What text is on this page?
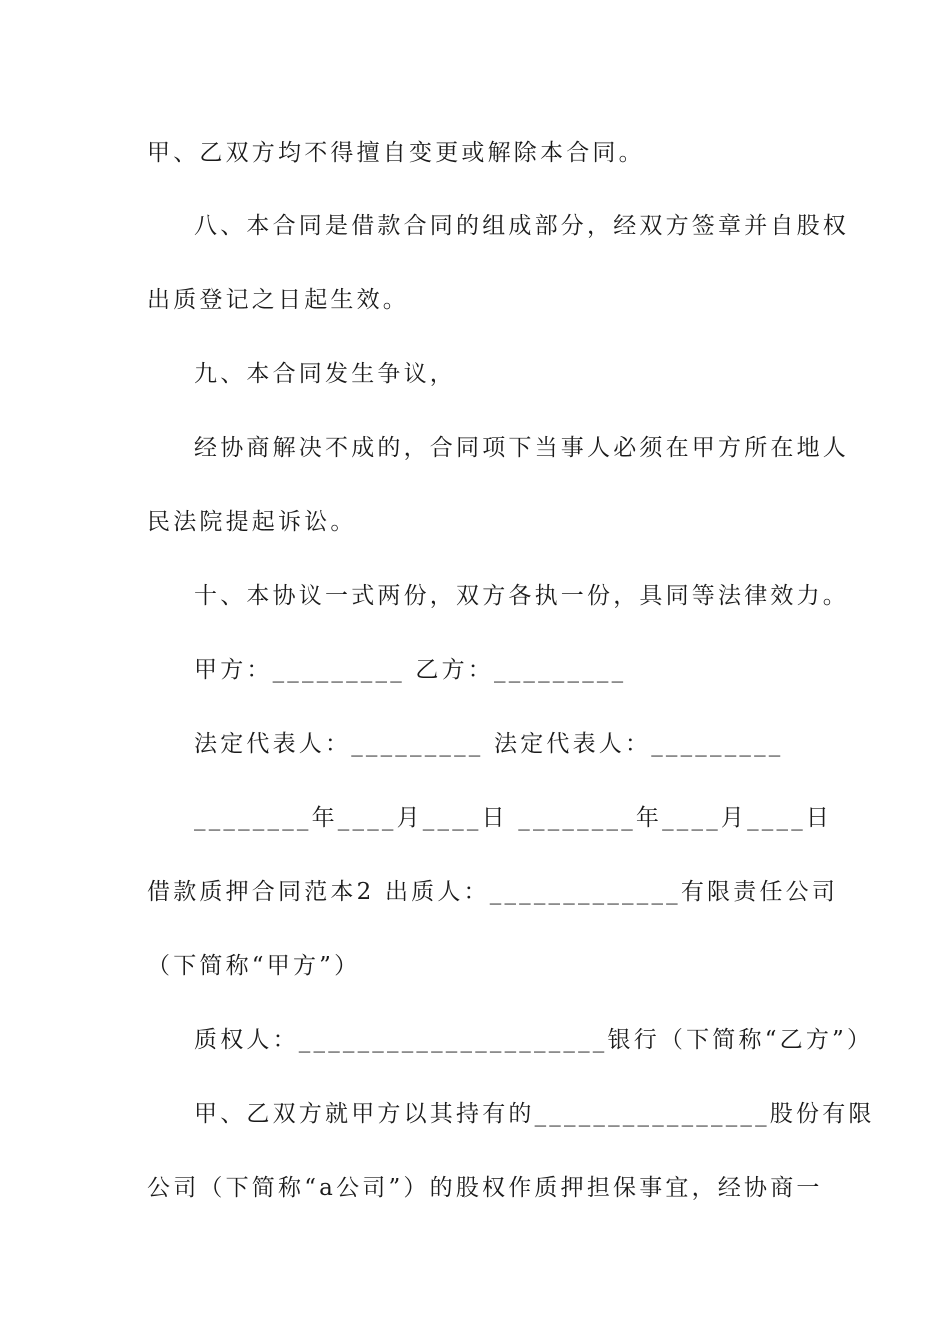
甲、乙双方均不得擅自变更或解除本合同。
八、本合同是借款合同的组成部分，经双方签章并自股权
出质登记之日起生效。
九、本合同发生争议，
经协商解决不成的，合同项下当事人必须在甲方所在地人
民法院提起诉讼。
十、本协议一式两份，双方各执一份，具同等法律效力。
甲方：_________ 乙方：_________
法定代表人：_________ 法定代表人：_________
________年____月____日 ________年____月____日
借款质押合同范本2 出质人：_____________有限责任公司
（下简称“甲方”）
质权人：_____________________银行（下简称“乙方”）
甲、乙双方就甲方以其持有的________________股份有限
公司（下简称“a公司”）的股权作质押担保事宜，经协商一
